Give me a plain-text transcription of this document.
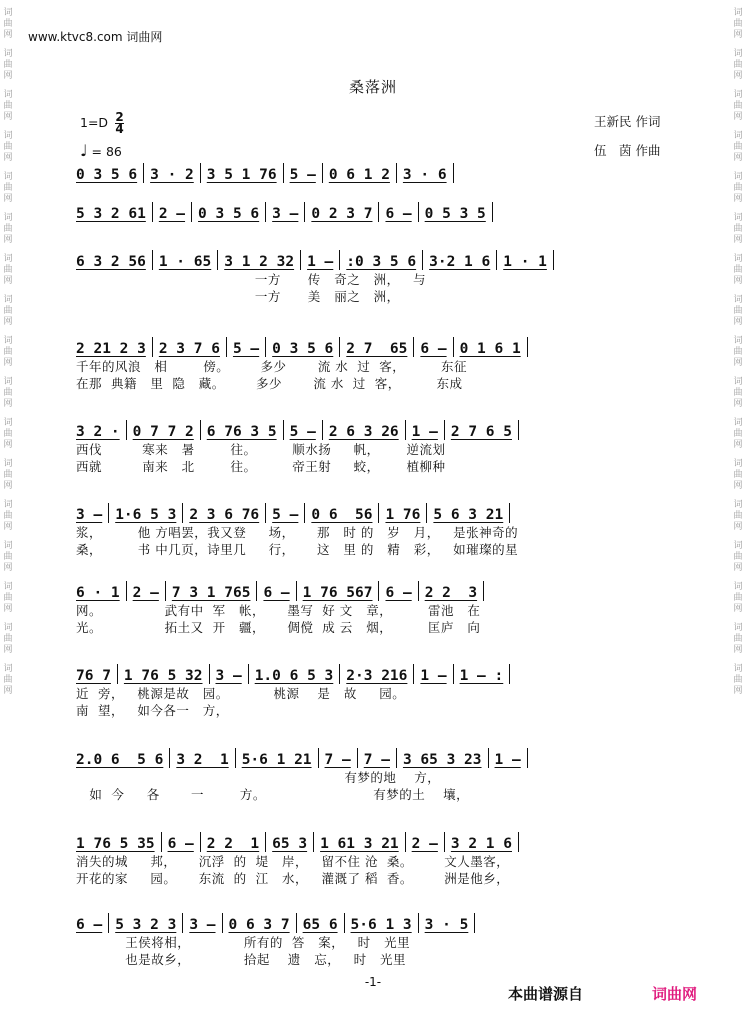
词
曲
网
词
曲
网
词
曲
网
词
曲
网
词
曲
网
词
曲
网
词
曲
网
词
曲
网
词
曲
网
词
曲
网
词
曲
网
词
曲
网
词
曲
网
词
曲
网
词
曲
网
词
曲
网
词
曲
网
词
曲
网
词
曲
网
词
曲
网
词
曲
网
词
曲
网
词
曲
网
词
曲
网
词
曲
网
词
曲
网
词
曲
网
词
曲
网
词
曲
网
词
曲
网
词
曲
网
词
曲
网
词
曲
网
词
曲
网
www.ktvc8.com 词曲网
桑落洲
$1=D \frac{2}{4}$
♩ = 86
王新民 作词
伍　茵 作曲
0 3 5 6 3 · 2 3 5 1 76 5 – 0 6 1 2 3 · 6
5 3 2 61 2 – 0 3 5 6 3 – 0 2 3 7 6 – 0 5 3 5
6 3 2 56 1 · 65 3 1 2 32 1 – :0 3 5 6 3·2 1 6 1 · 1
一方      传   奇之   洲，   与
一方      美   丽之   洲，
2 21 2 3 2 3 7 6 5 – 0 3 5 6 2 7  65 6 – 0 1 6 1
千年的风浪   相        傍。       多少       流 水  过  客，        东征
在那  典籍   里  隐   藏。       多少       流 水  过  客，        东成
3 2 · 0 7 7 2 6 76 3 5 5 – 2 6 3 26 1 – 2 7 6 5
西伐         寒来   暑        往。        顺水扬     帆，      逆流划
西就         南来   北        往。        帝王射     蛟，      植柳种
3 – 1·6 5 3 2 3 6 76 5 – 0 6  56 1 76 5 6 3 21
浆，        他 方唱罢，我又登     场，     那   时 的   岁   月，   是张神奇的
桑，        书 中几页，诗里几     行，     这   里 的   精   彩，   如璀璨的星
6 · 1 2 – 7 3 1 765 6 – 1 76 567 6 – 2 2  3
网。              武有中  军   帐，     墨写  好 文   章，        雷池   在
光。              拓土又  开   疆，     倜傥  成 云   烟，        匡庐   向
76 7 1 76 5 32 3 – 1.0 6 5 3 2·3 216 1 – 1 – :
近  旁，   桃源是故   园。          桃源    是   故     园。
南  望，   如今各一   方，
2.0 6  5 6 3 2  1 5·6 1 21 7 – 7 – 3 65 3 23 1 –
有梦的地    方，
如  今     各       一        方。                        有梦的土    壤，
1 76 5 35 6 – 2 2  1 65 3 1 61 3 21 2 – 3 2 1 6
消失的城     邦，     沉浮  的  堤   岸，   留不住 沧  桑。       文人墨客，
开花的家     园。     东流  的  江   水，   灌溉了 稻  香。       洲是他乡，
6 – 5 3 2 3 3 – 0 6 3 7 65 6 5·6 1 3 3 · 5
王侯将相，            所有的  答   案，   时   光里
也是故乡，            拾起    遗   忘，   时   光里
-1-
本曲谱源自	词曲网
